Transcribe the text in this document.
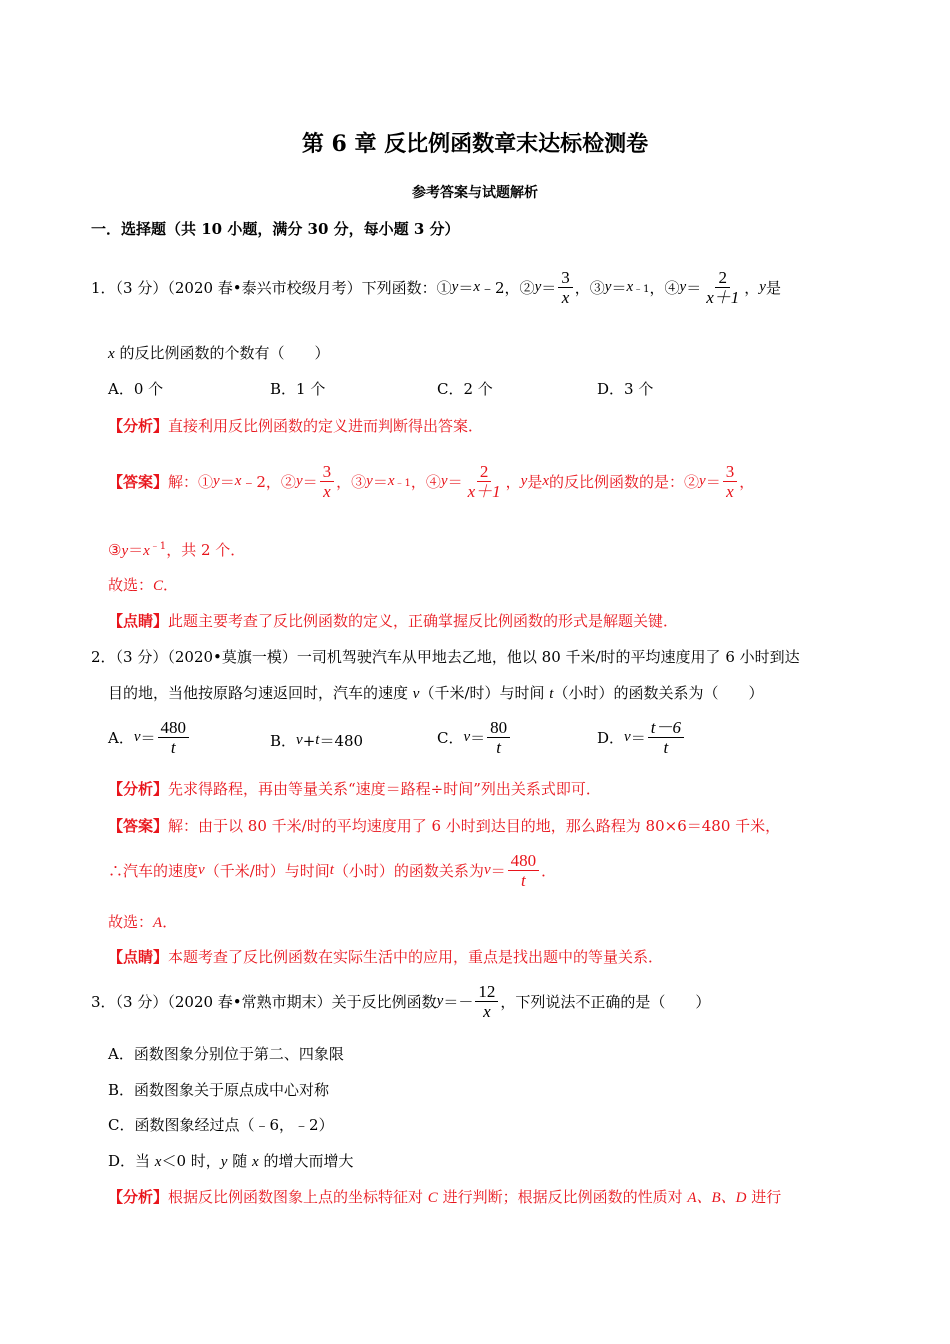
第 6 章 反比例函数章末达标检测卷
参考答案与试题解析
一．选择题（共 10 小题，满分 30 分，每小题 3 分）
1．（3 分）（2020 春•泰兴市校级月考）下列函数：① y ＝ x ﹣2，② $y = \frac{3}{x}$ ，③ y ＝ x ﹣1 ，④ $y = \frac{2}{x+1}$ ， y 是
x 的反比例函数的个数有（　　）
A．0 个	B．1 个	C．2 个	D．3 个
【分析】直接利用反比例函数的定义进而判断得出答案．
【答案】 解：① y ＝ x ﹣2，② $y = \frac{3}{x}$ ，③ y ＝ x ﹣1 ，④ $y = \frac{2}{x+1}$ ， y 是 x 的反比例函数的是：② $y = \frac{3}{x}$ ，
$③y=x^{﹣1}$，共 2 个．
故选：C．
【点睛】此题主要考查了反比例函数的定义，正确掌握反比例函数的形式是解题关键．
2．（3 分）（2020•莫旗一模）一司机驾驶汽车从甲地去乙地，他以 80 千米/时的平均速度用了 6 小时到达
目的地，当他按原路匀速返回时，汽车的速度 v（千米/时）与时间 t（小时）的函数关系为（　　）
A． $v = \frac{480}{t}$	B． v + t ＝480	C． $v = \frac{80}{t}$	D． $v = \frac{t-6}{t}$
【分析】先求得路程，再由等量关系“速度＝路程÷时间”列出关系式即可．
【答案】解：由于以 80 千米/时的平均速度用了 6 小时到达目的地，那么路程为 80×6＝480 千米，
∴汽车的速度 v （千米/时）与时间 t （小时）的函数关系为 $v = \frac{480}{t}$ ．
故选：A．
【点睛】本题考查了反比例函数在实际生活中的应用，重点是找出题中的等量关系．
3．（3 分）（2020 春•常熟市期末）关于反比例函数 $y =- \frac{12}{x}$ ，下列说法不正确的是（　　）
A．函数图象分别位于第二、四象限
B．函数图象关于原点成中心对称
C．函数图象经过点（﹣6，﹣2）
D．当 x＜0 时，y 随 x 的增大而增大
【分析】根据反比例函数图象上点的坐标特征对 C 进行判断；根据反比例函数的性质对 A、B、D 进行
